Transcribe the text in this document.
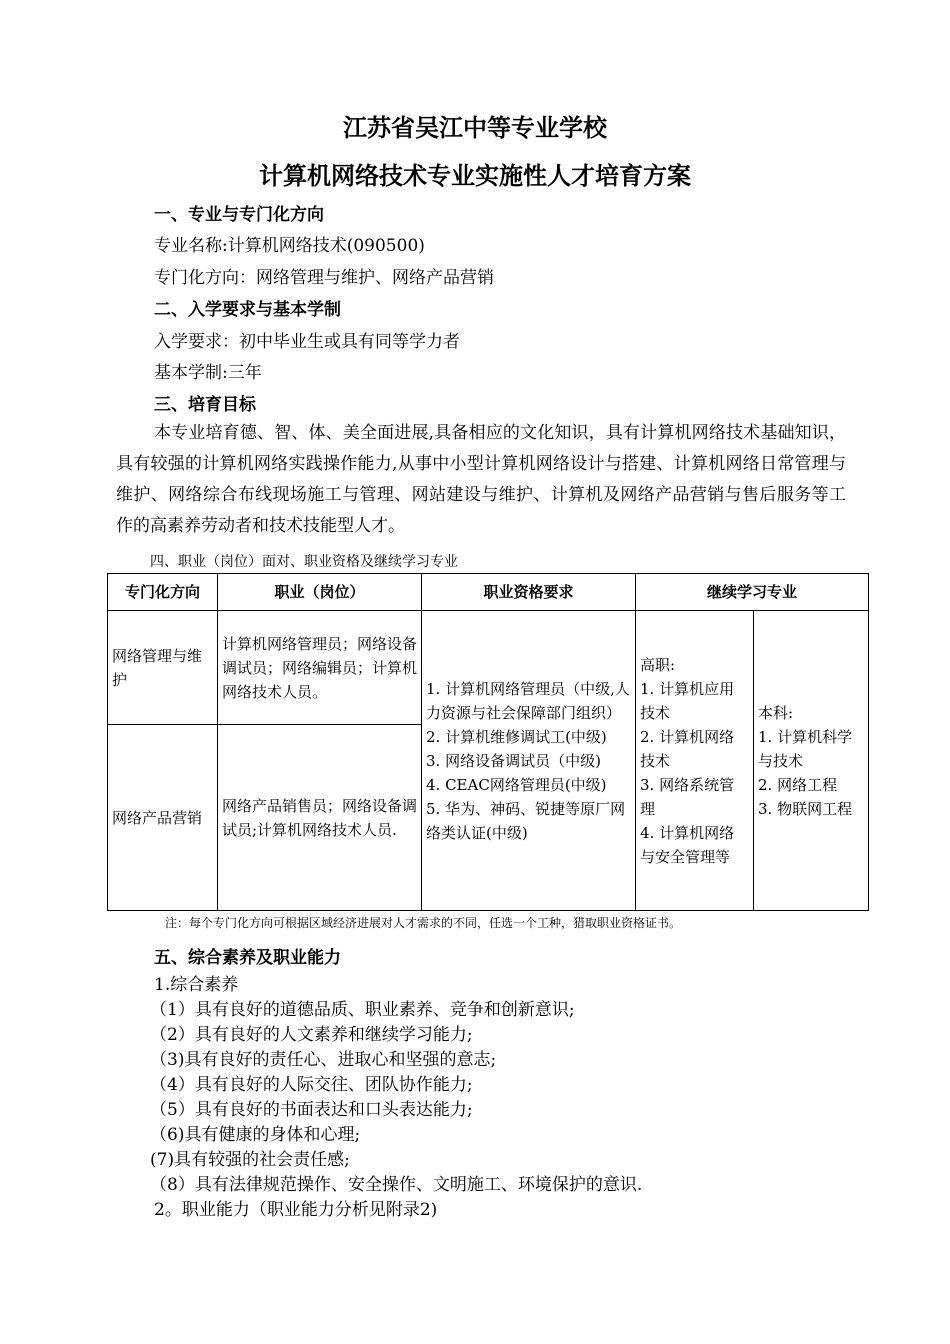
江苏省吴江中等专业学校
计算机网络技术专业实施性人才培育方案
一、专业与专门化方向
专业名称:计算机网络技术(090500)
专门化方向：网络管理与维护、网络产品营销
二、入学要求与基本学制
入学要求：初中毕业生或具有同等学力者
基本学制:三年
三、培育目标
本专业培育德、智、体、美全面进展,具备相应的文化知识，具有计算机网络技术基础知识，具有较强的计算机网络实践操作能力,从事中小型计算机网络设计与搭建、计算机网络日常管理与维护、网络综合布线现场施工与管理、网站建设与维护、计算机及网络产品营销与售后服务等工作的高素养劳动者和技术技能型人才。
四、职业（岗位）面对、职业资格及继续学习专业
专门化方向	职业（岗位）	职业资格要求	继续学习专业	
网络管理与维护	计算机网络管理员；网络设备调试员；网络编辑员；计算机网络技术人员。	1. 计算机网络管理员（中级,人力资源与社会保障部门组织）
2. 计算机维修调试工(中级)
3. 网络设备调试员（中级)
4. CEAC网络管理员(中级)
5. 华为、神码、锐捷等原厂网络类认证(中级)	高职:
1. 计算机应用技术
2. 计算机网络技术
3. 网络系统管理
4. 计算机网络与安全管理等	本科:
1. 计算机科学与技术
2. 网络工程
3. 物联网工程
网络产品营销	网络产品销售员；网络设备调试员;计算机网络技术人员.			
注：每个专门化方向可根据区域经济进展对人才需求的不同，任选一个工种，猎取职业资格证书。
五、综合素养及职业能力
1.综合素养
（1）具有良好的道德品质、职业素养、竞争和创新意识;
（2）具有良好的人文素养和继续学习能力;
（3)具有良好的责任心、进取心和坚强的意志;
（4）具有良好的人际交往、团队协作能力;
（5）具有良好的书面表达和口头表达能力;
（6)具有健康的身体和心理;
(7)具有较强的社会责任感;
（8）具有法律规范操作、安全操作、文明施工、环境保护的意识.
2。职业能力（职业能力分析见附录2)
